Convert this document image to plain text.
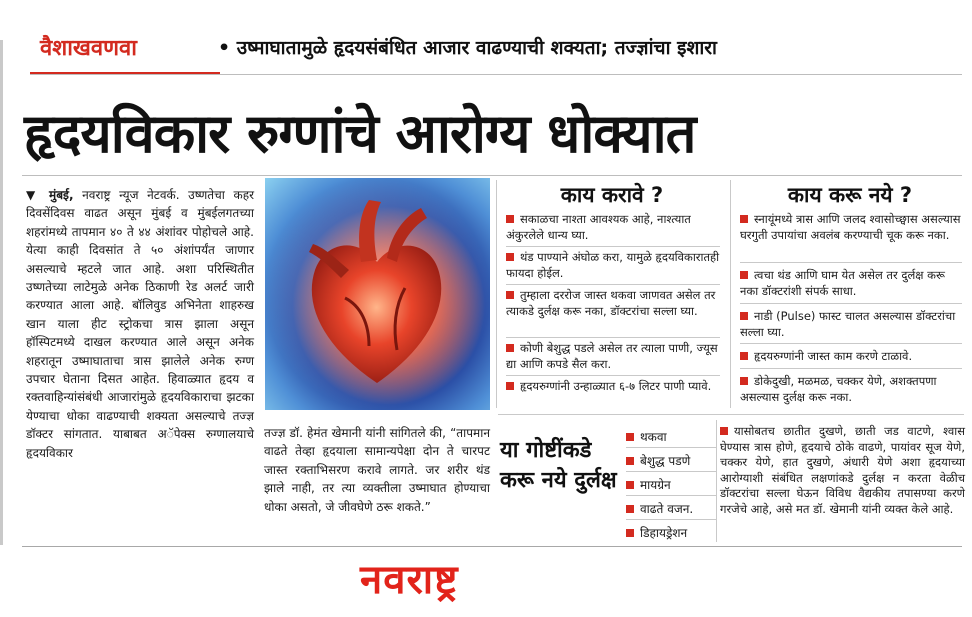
वैशाखवणवा	• उष्माघातामुळे हृदयसंबंधित आजार वाढण्याची शक्यता; तज्ज्ञांचा इशारा
हृदयविकार रुग्णांचे आरोग्य धोक्यात
▼ मुंबई, नवराष्ट्र न्यूज नेटवर्क. उष्णतेचा कहर दिवसेंदिवस वाढत असून मुंबई व मुंबईलगतच्या शहरांमध्ये तापमान ४० ते ४४ अंशांवर पोहोचले आहे. येत्या काही दिवसांत ते ५० अंशांपर्यंत जाणार असल्याचे म्हटले जात आहे. अशा परिस्थितीत उष्णतेच्या लाटेमुळे अनेक ठिकाणी रेड अलर्ट जारी करण्यात आला आहे. बॉलिवुड अभिनेता शाहरुख खान याला हीट स्ट्रोकचा त्रास झाला असून हॉस्पिटमध्ये दाखल करण्यात आले असून अनेक शहरातून उष्माघाताचा त्रास झालेले अनेक रुग्ण उपचार घेताना दिसत आहेत. हिवाळ्यात हृदय व रक्तवाहिन्यांसंबंधी आजारांमुळे हृदयविकाराचा झटका येण्याचा धोका वाढण्याची शक्यता असल्याचे तज्ज्ञ डॉक्टर सांगतात. याबाबत अॅपेक्स रुग्णालयाचे हृदयविकार
तज्ज्ञ डॉ. हेमंत खेमानी यांनी सांगितले की, “तापमान वाढते तेव्हा हृदयाला सामान्यपेक्षा दोन ते चारपट जास्त रक्ताभिसरण करावे लागते. जर शरीर थंड झाले नाही, तर त्या व्यक्तीला उष्माघात होण्याचा धोका असतो, जे जीवघेणे ठरू शकते.”
काय करावे ?
सकाळचा नाश्ता आवश्यक आहे, नाश्त्यात अंकुरलेले धान्य घ्या.
थंड पाण्याने अंघोळ करा, यामुळे हृदयविकारातही फायदा होईल.
तुम्हाला दररोज जास्त थकवा जाणवत असेल तर त्याकडे दुर्लक्ष करू नका, डॉक्टरांचा सल्ला घ्या.
कोणी बेशुद्ध पडले असेल तर त्याला पाणी, ज्यूस द्या आणि कपडे सैल करा.
हृदयरुग्णांनी उन्हाळ्यात ६-७ लिटर पाणी प्यावे.
काय करू नये ?
स्नायूंमध्ये त्रास आणि जलद श्वासोच्छ्वास असल्यास घरगुती उपायांचा अवलंब करण्याची चूक करू नका.
त्वचा थंड आणि घाम येत असेल तर दुर्लक्ष करू नका डॉक्टरांशी संपर्क साधा.
नाडी (Pulse) फास्ट चालत असल्यास डॉक्टरांचा सल्ला घ्या.
हृदयरुग्णांनी जास्त काम करणे टाळावे.
डोकेदुखी, मळमळ, चक्कर येणे, अशक्तपणा असल्यास दुर्लक्ष करू नका.
या गोष्टींकडे करू नये दुर्लक्ष
थकवा
बेशुद्ध पडणे
मायग्रेन
वाढते वजन.
डिहायड्रेशन
यासोबतच छातीत दुखणे, छाती जड वाटणे, श्वास घेण्यास त्रास होणे, हृदयाचे ठोके वाढणे, पायांवर सूज येणे, चक्कर येणे, हात दुखणे, अंधारी येणे अशा हृदयाच्या आरोग्याशी संबंधित लक्षणांकडे दुर्लक्ष न करता वेळीच डॉक्टरांचा सल्ला घेऊन विविध वैद्यकीय तपासण्या करणे गरजेचे आहे, असे मत डॉ. खेमानी यांनी व्यक्त केले आहे.
नवराष्ट्र
